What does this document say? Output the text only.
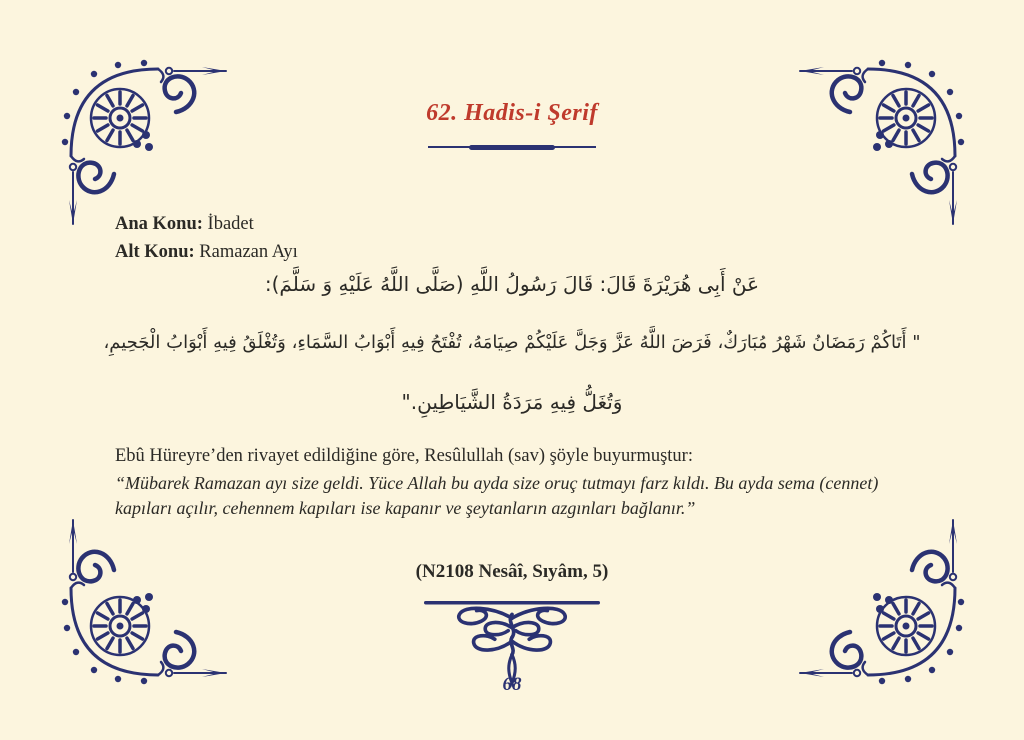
62. Hadis-i Şerif
Ana Konu: İbadet
Alt Konu: Ramazan Ayı
عَنْ أَبِى هُرَيْرَةَ قَالَ: قَالَ رَسُولُ اللَّهِ (صَلَّى اللَّهُ عَلَيْهِ وَ سَلَّمَ):
" أَتَاكُمْ رَمَضَانُ شَهْرُ مُبَارَكٌ، فَرَضَ اللَّهُ عَزَّ وَجَلَّ عَلَيْكُمْ صِيَامَهُ، تُفْتَحُ فِيهِ أَبْوَابُ السَّمَاءِ، وَتُغْلَقُ فِيهِ أَبْوَابُ الْجَحِيمِ،
وَتُغَلُّ فِيهِ مَرَدَةُ الشَّيَاطِينِ."
Ebû Hüreyre’den rivayet edildiğine göre, Resûlullah (sav) şöyle buyurmuştur:
“Mübarek Ramazan ayı size geldi. Yüce Allah bu ayda size oruç tutmayı farz kıldı. Bu ayda sema (cennet) kapıları açılır, cehennem kapıları ise kapanır ve şeytanların azgınları bağlanır.”
(N2108 Nesâî, Sıyâm, 5)
68
